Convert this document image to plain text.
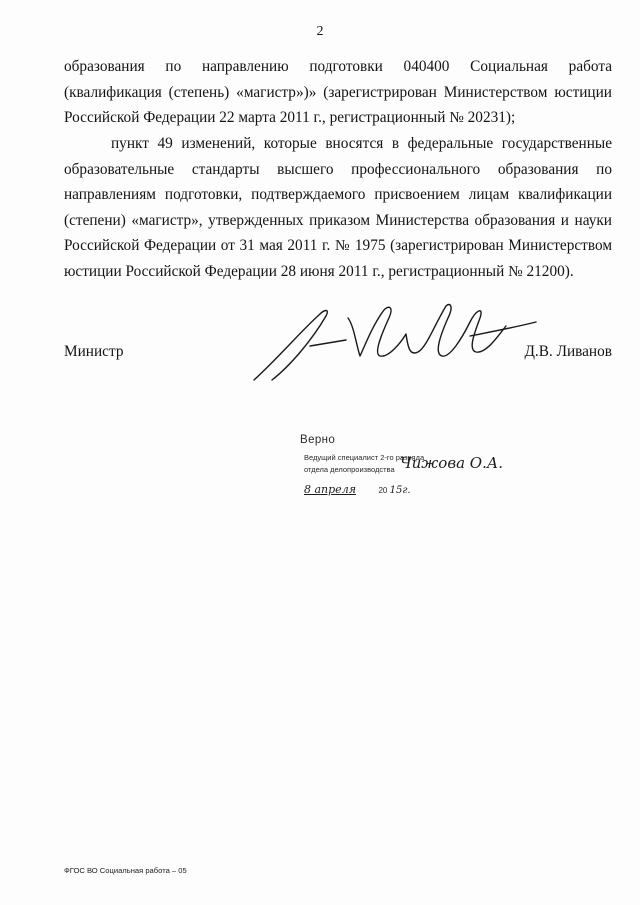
2
образования по направлению подготовки 040400 Социальная работа (квалификация (степень) «магистр»)» (зарегистрирован Министерством юстиции Российской Федерации 22 марта 2011 г., регистрационный № 20231);
пункт 49 изменений, которые вносятся в федеральные государственные образовательные стандарты высшего профессионального образования по направлениям подготовки, подтверждаемого присвоением лицам квалификации (степени) «магистр», утвержденных приказом Министерства образования и науки Российской Федерации от 31 мая 2011 г. № 1975 (зарегистрирован Министерством юстиции Российской Федерации 28 июня 2011 г., регистрационный № 21200).
Министр	Д.В. Ливанов
Верно
Ведущий специалист 2-го разряда
отдела делопроизводства
8 апреля	20 15г.
Чижова О.А.
ФГОС ВО Социальная работа – 05
